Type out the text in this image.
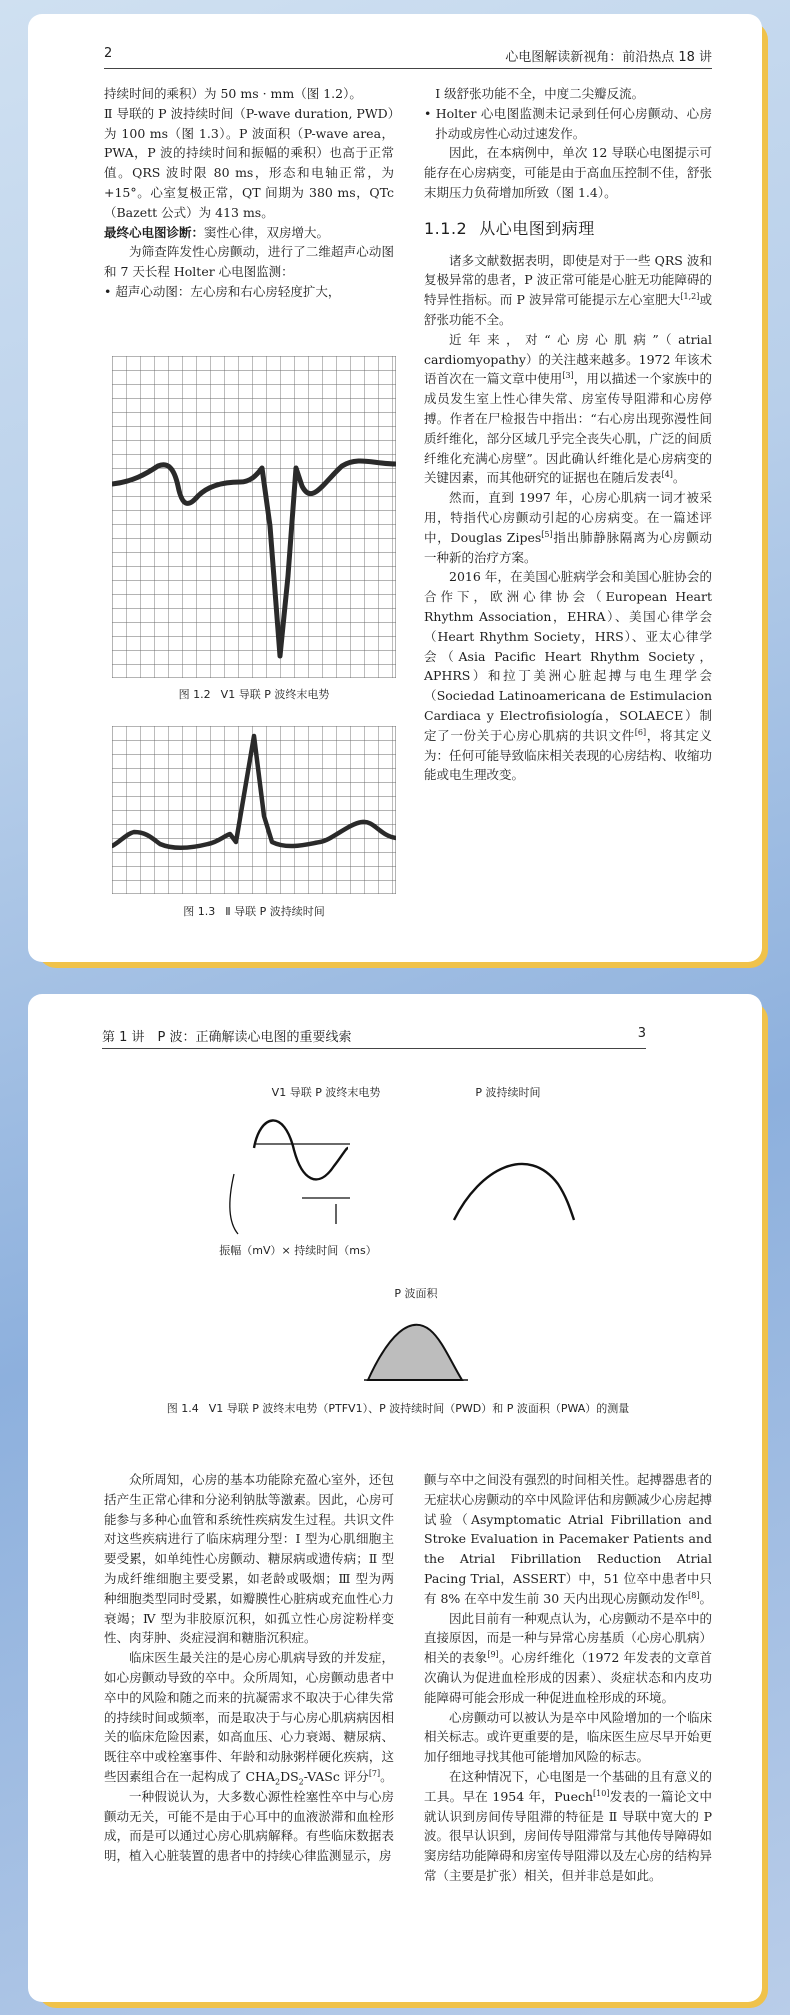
2	心电图解读新视角：前沿热点 18 讲

持续时间的乘积）为 50 ms · mm（图 1.2）。

Ⅱ 导联的 P 波持续时间（P-wave duration, PWD）为 100 ms（图 1.3）。P 波面积（P-wave area，PWA，P 波的持续时间和振幅的乘积）也高于正常值。QRS 波时限 80 ms，形态和电轴正常，为 +15°。心室复极正常，QT 间期为 380 ms，QTc（Bazett 公式）为 413 ms。

最终心电图诊断：窦性心律，双房增大。

为筛查阵发性心房颤动，进行了二维超声心动图和 7 天长程 Holter 心电图监测：

• 超声心动图：左心房和右心房轻度扩大，

图 1.2 V1 导联 P 波终末电势
图 1.3 Ⅱ 导联 P 波持续时间

Ⅰ 级舒张功能不全，中度二尖瓣反流。

• Holter 心电图监测未记录到任何心房颤动、心房扑动或房性心动过速发作。

因此，在本病例中，单次 12 导联心电图提示可能存在心房病变，可能是由于高血压控制不佳，舒张末期压力负荷增加所致（图 1.4）。

1.1.2 从心电图到病理

诸多文献数据表明，即使是对于一些 QRS 波和复极异常的患者，P 波正常可能是心脏无功能障碍的特异性指标。而 P 波异常可能提示左心室肥大[1,2]或舒张功能不全。

近年来，对“心房心肌病”（atrial cardiomyopathy）的关注越来越多。1972 年该术语首次在一篇文章中使用[3]，用以描述一个家族中的成员发生室上性心律失常、房室传导阻滞和心房停搏。作者在尸检报告中指出：“右心房出现弥漫性间质纤维化，部分区域几乎完全丧失心肌，广泛的间质纤维化充满心房壁”。因此确认纤维化是心房病变的关键因素，而其他研究的证据也在随后发表[4]。

然而，直到 1997 年，心房心肌病一词才被采用，特指代心房颤动引起的心房病变。在一篇述评中，Douglas Zipes[5]指出肺静脉隔离为心房颤动一种新的治疗方案。

2016 年，在美国心脏病学会和美国心脏协会的合作下，欧洲心律协会（European Heart Rhythm Association，EHRA）、美国心律学会（Heart Rhythm Society，HRS）、亚太心律学会（Asia Pacific Heart Rhythm Society，APHRS）和拉丁美洲心脏起搏与电生理学会（Sociedad Latinoamericana de Estimulacion Cardiaca y Electrofisiología，SOLAECE）制定了一份关于心房心肌病的共识文件[6]，将其定义为：任何可能导致临床相关表现的心房结构、收缩功能或电生理改变。

第 1 讲　P 波：正确解读心电图的重要线索	3
V1 导联 P 波终末电势	P 波持续时间
振幅（mV）× 持续时间（ms）
P 波面积
图 1.4 V1 导联 P 波终末电势（PTFV1）、P 波持续时间（PWD）和 P 波面积（PWA）的测量

众所周知，心房的基本功能除充盈心室外，还包括产生正常心律和分泌利钠肽等激素。因此，心房可能参与多种心血管和系统性疾病发生过程。共识文件对这些疾病进行了临床病理分型：Ⅰ 型为心肌细胞主要受累，如单纯性心房颤动、糖尿病或遗传病；Ⅱ 型为成纤维细胞主要受累，如老龄或吸烟；Ⅲ 型为两种细胞类型同时受累，如瓣膜性心脏病或充血性心力衰竭；Ⅳ 型为非胶原沉积，如孤立性心房淀粉样变性、肉芽肿、炎症浸润和糖脂沉积症。

临床医生最关注的是心房心肌病导致的并发症，如心房颤动导致的卒中。众所周知，心房颤动患者中卒中的风险和随之而来的抗凝需求不取决于心律失常的持续时间或频率，而是取决于与心房心肌病病因相关的临床危险因素，如高血压、心力衰竭、糖尿病、既往卒中或栓塞事件、年龄和动脉粥样硬化疾病，这些因素组合在一起构成了 $CHA_2DS_2$-VASc 评分[7]。

一种假说认为，大多数心源性栓塞性卒中与心房颤动无关，可能不是由于心耳中的血液淤滞和血栓形成，而是可以通过心房心肌病解释。有些临床数据表明，植入心脏装置的患者中的持续心律监测显示，房

颤与卒中之间没有强烈的时间相关性。起搏器患者的无症状心房颤动的卒中风险评估和房颤减少心房起搏试验（Asymptomatic Atrial Fibrillation and Stroke Evaluation in Pacemaker Patients and the Atrial Fibrillation Reduction Atrial Pacing Trial，ASSERT）中，51 位卒中患者中只有 8% 在卒中发生前 30 天内出现心房颤动发作[8]。

因此目前有一种观点认为，心房颤动不是卒中的直接原因，而是一种与异常心房基质（心房心肌病）相关的表象[9]。心房纤维化（1972 年发表的文章首次确认为促进血栓形成的因素）、炎症状态和内皮功能障碍可能会形成一种促进血栓形成的环境。

心房颤动可以被认为是卒中风险增加的一个临床相关标志。或许更重要的是，临床医生应尽早开始更加仔细地寻找其他可能增加风险的标志。

在这种情况下，心电图是一个基础的且有意义的工具。早在 1954 年，Puech[10]发表的一篇论文中就认识到房间传导阻滞的特征是 Ⅱ 导联中宽大的 P 波。很早认识到，房间传导阻滞常与其他传导障碍如窦房结功能障碍和房室传导阻滞以及左心房的结构异常（主要是扩张）相关，但并非总是如此。
